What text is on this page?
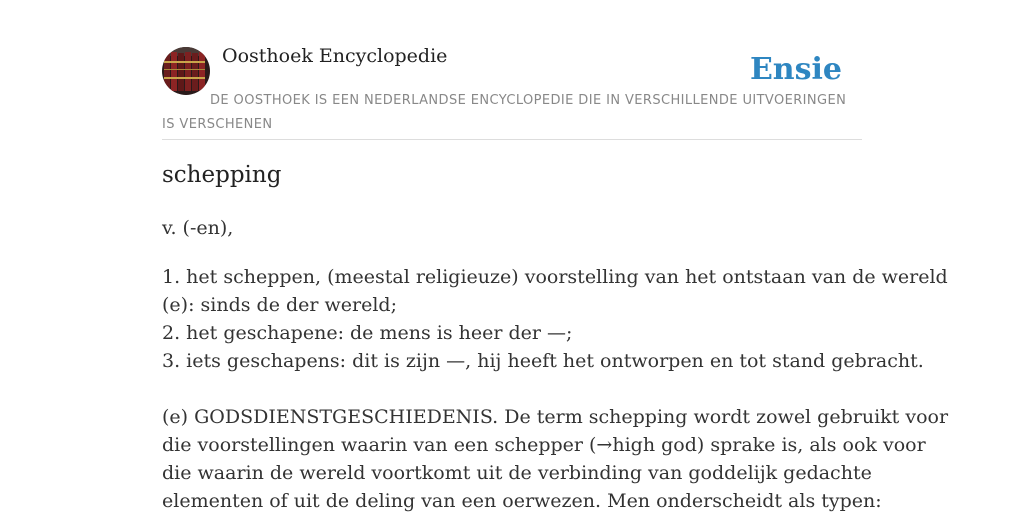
Oosthoek Encyclopedie	Ensie
DE OOSTHOEK IS EEN NEDERLANDSE ENCYCLOPEDIE DIE IN VERSCHILLENDE UITVOERINGEN IS VERSCHENEN
schepping
v. (-en),
1. het scheppen, (meestal religieuze) voorstelling van het ontstaan van de wereld
(e): sinds de der wereld;
2. het geschapene: de mens is heer der —;
3. iets geschapens: dit is zijn —, hij heeft het ontworpen en tot stand gebracht.
(e) GODSDIENSTGESCHIEDENIS. De term schepping wordt zowel gebruikt voor
die voorstellingen waarin van een schepper (→high god) sprake is, als ook voor
die waarin de wereld voortkomt uit de verbinding van goddelijk gedachte
elementen of uit de deling van een oerwezen. Men onderscheidt als typen:
